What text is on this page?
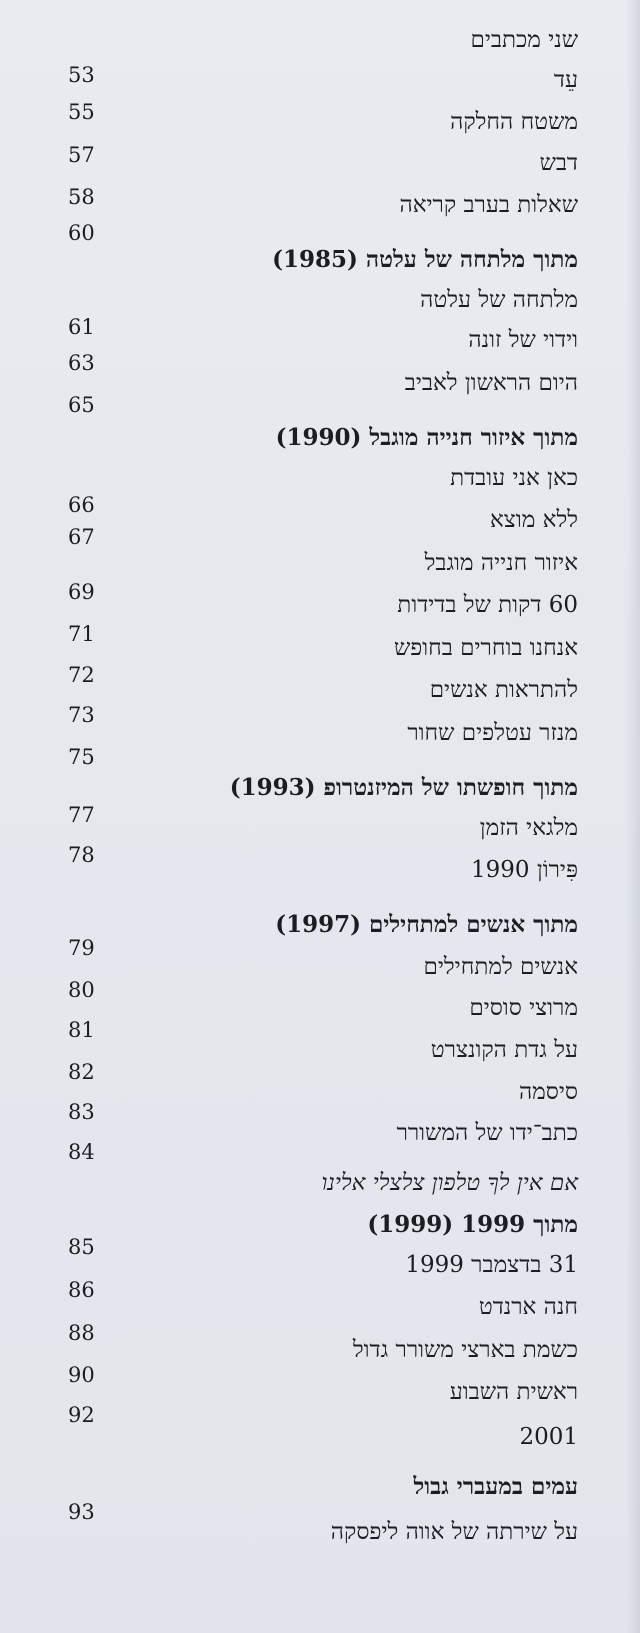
שני מכתבים
עֵד
53
משטח החלקה
55
דבש
57
שאלות בערב קריאה
58
מתוך מלתחה של עלטה (1985)
60
מלתחה של עלטה
וידוי של זונה
61
היום הראשון לאביב
63
מתוך איזור חנייה מוגבל (1990)
65
כאן אני עובדת
ללא מוצא
66
איזור חנייה מוגבל
67
60 דקות של בדידות
69
אנחנו בוחרים בחופש
71
להתראות אנשים
72
מנזר עטלפים שחור
73
מתוך חופשתו של המיזנטרופ (1993)
75
מלגאי הזמן
77
פִּירוֹן 1990
78
מתוך אנשים למתחילים (1997)
אנשים למתחילים
79
מרוצי סוסים
80
על גדת הקונצרט
81
סיסמה
82
כתב־ידו של המשורר
83
אם אין לךָ טלפון צלצלי אלינו
84
מתוך 1999 (1999)
31 בדצמבר 1999
85
חנה ארנדט
86
כשמת בארצי משורר גדול
88
ראשית השבוע
90
2001
92
עמים במעברי גבול
על שירתה של אווה ליפסקה
93
